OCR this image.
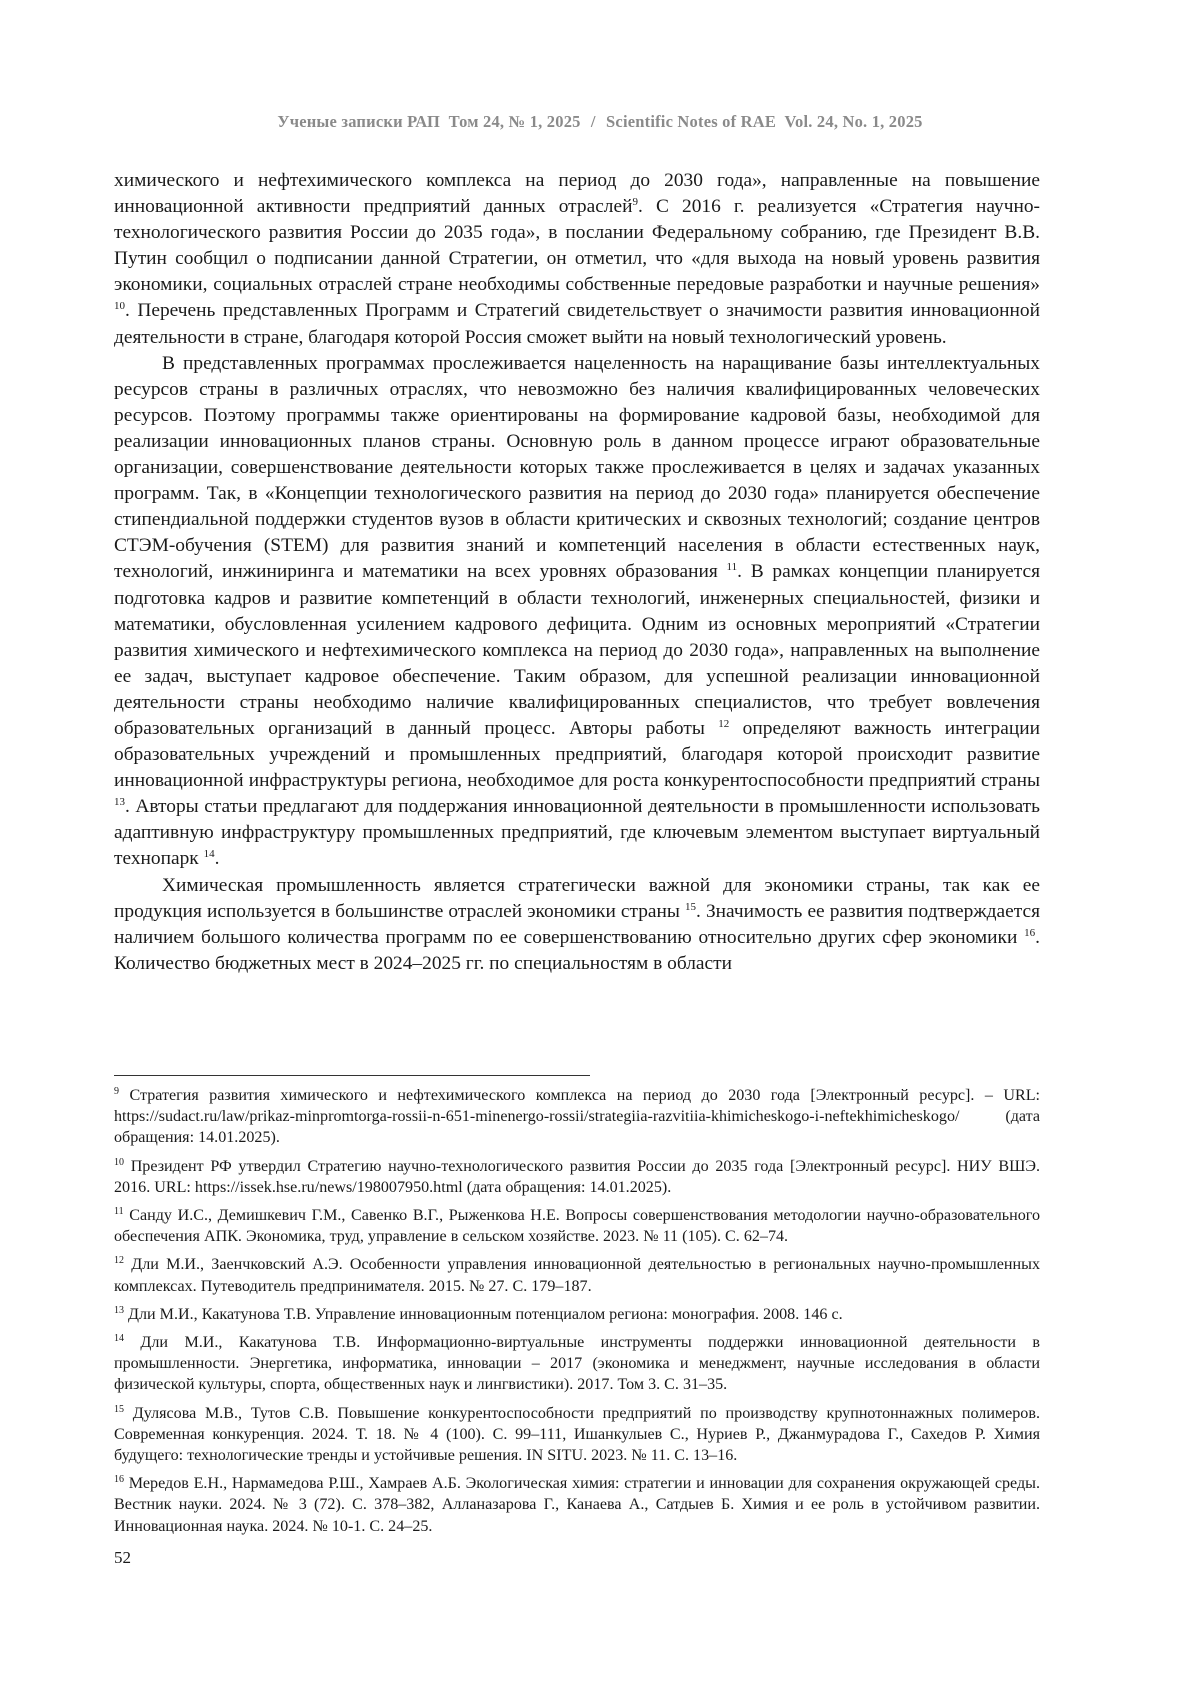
Ученые записки РАП Том 24, № 1, 2025 / Scientific Notes of RAE Vol. 24, No. 1, 2025

химического и нефтехимического комплекса на период до 2030 года», направленные на повышение инновационной активности предприятий данных отраслей$^9$. С 2016 г. реализуется «Стратегия научно-технологического развития России до 2035 года», в послании Федеральному собранию, где Президент В.В. Путин сообщил о подписании данной Стратегии, он отметил, что «для выхода на новый уровень развития экономики, социальных отраслей стране необходимы собственные передовые разработки и научные решения» $^{10}$. Перечень представленных Программ и Стратегий свидетельствует о значимости развития инновационной деятельности в стране, благодаря которой Россия сможет выйти на новый технологический уровень.

В представленных программах прослеживается нацеленность на наращивание базы интеллектуальных ресурсов страны в различных отраслях, что невозможно без наличия квалифицированных человеческих ресурсов. Поэтому программы также ориентированы на формирование кадровой базы, необходимой для реализации инновационных планов страны. Основную роль в данном процессе играют образовательные организации, совершенствование деятельности которых также прослеживается в целях и задачах указанных программ. Так, в «Концепции технологического развития на период до 2030 года» планируется обеспечение стипендиальной поддержки студентов вузов в области критических и сквозных технологий; создание центров СТЭМ-обучения (STEM) для развития знаний и компетенций населения в области естественных наук, технологий, инжиниринга и математики на всех уровнях образования $^{11}$. В рамках концепции планируется подготовка кадров и развитие компетенций в области технологий, инженерных специальностей, физики и математики, обусловленная усилением кадрового дефицита. Одним из основных мероприятий «Стратегии развития химического и нефтехимического комплекса на период до 2030 года», направленных на выполнение ее задач, выступает кадровое обеспечение. Таким образом, для успешной реализации инновационной деятельности страны необходимо наличие квалифицированных специалистов, что требует вовлечения образовательных организаций в данный процесс. Авторы работы $^{12}$ определяют важность интеграции образовательных учреждений и промышленных предприятий, благодаря которой происходит развитие инновационной инфраструктуры региона, необходимое для роста конкурентоспособности предприятий страны $^{13}$. Авторы статьи предлагают для поддержания инновационной деятельности в промышленности использовать адаптивную инфраструктуру промышленных предприятий, где ключевым элементом выступает виртуальный технопарк $^{14}$.

Химическая промышленность является стратегически важной для экономики страны, так как ее продукция используется в большинстве отраслей экономики страны $^{15}$. Значимость ее развития подтверждается наличием большого количества программ по ее совершенствованию относительно других сфер экономики $^{16}$. Количество бюджетных мест в 2024–2025 гг. по специальностям в области

$^9$ Стратегия развития химического и нефтехимического комплекса на период до 2030 года [Электронный ресурс]. – URL: https://sudact.ru/law/prikaz-minpromtorga-rossii-n-651-minenergo-rossii/strategiia-razvitiia-khimicheskogo-i-neftekhimicheskogo/ (дата обращения: 14.01.2025).

$^{10}$ Президент РФ утвердил Стратегию научно-технологического развития России до 2035 года [Электронный ресурс]. НИУ ВШЭ. 2016. URL: https://issek.hse.ru/news/198007950.html (дата обращения: 14.01.2025).

$^{11}$ Санду И.С., Демишкевич Г.М., Савенко В.Г., Рыженкова Н.Е. Вопросы совершенствования методологии научно-образовательного обеспечения АПК. Экономика, труд, управление в сельском хозяйстве. 2023. № 11 (105). С. 62–74.

$^{12}$ Дли М.И., Заенчковский А.Э. Особенности управления инновационной деятельностью в региональных научно-промышленных комплексах. Путеводитель предпринимателя. 2015. № 27. С. 179–187.

$^{13}$ Дли М.И., Какатунова Т.В. Управление инновационным потенциалом региона: монография. 2008. 146 с.

$^{14}$ Дли М.И., Какатунова Т.В. Информационно-виртуальные инструменты поддержки инновационной деятельности в промышленности. Энергетика, информатика, инновации – 2017 (экономика и менеджмент, научные исследования в области физической культуры, спорта, общественных наук и лингвистики). 2017. Том 3. С. 31–35.

$^{15}$ Дулясова М.В., Тутов С.В. Повышение конкурентоспособности предприятий по производству крупнотоннажных полимеров. Современная конкуренция. 2024. Т. 18. № 4 (100). С. 99–111, Ишанкулыев С., Нуриев Р., Джанмурадова Г., Сахедов Р. Химия будущего: технологические тренды и устойчивые решения. IN SITU. 2023. № 11. С. 13–16.

$^{16}$ Мередов Е.Н., Нармамедова Р.Ш., Хамраев А.Б. Экологическая химия: стратегии и инновации для сохранения окружающей среды. Вестник науки. 2024. № 3 (72). С. 378–382, Алланазарова Г., Канаева А., Сатдыев Б. Химия и ее роль в устойчивом развитии. Инновационная наука. 2024. № 10-1. С. 24–25.

52
